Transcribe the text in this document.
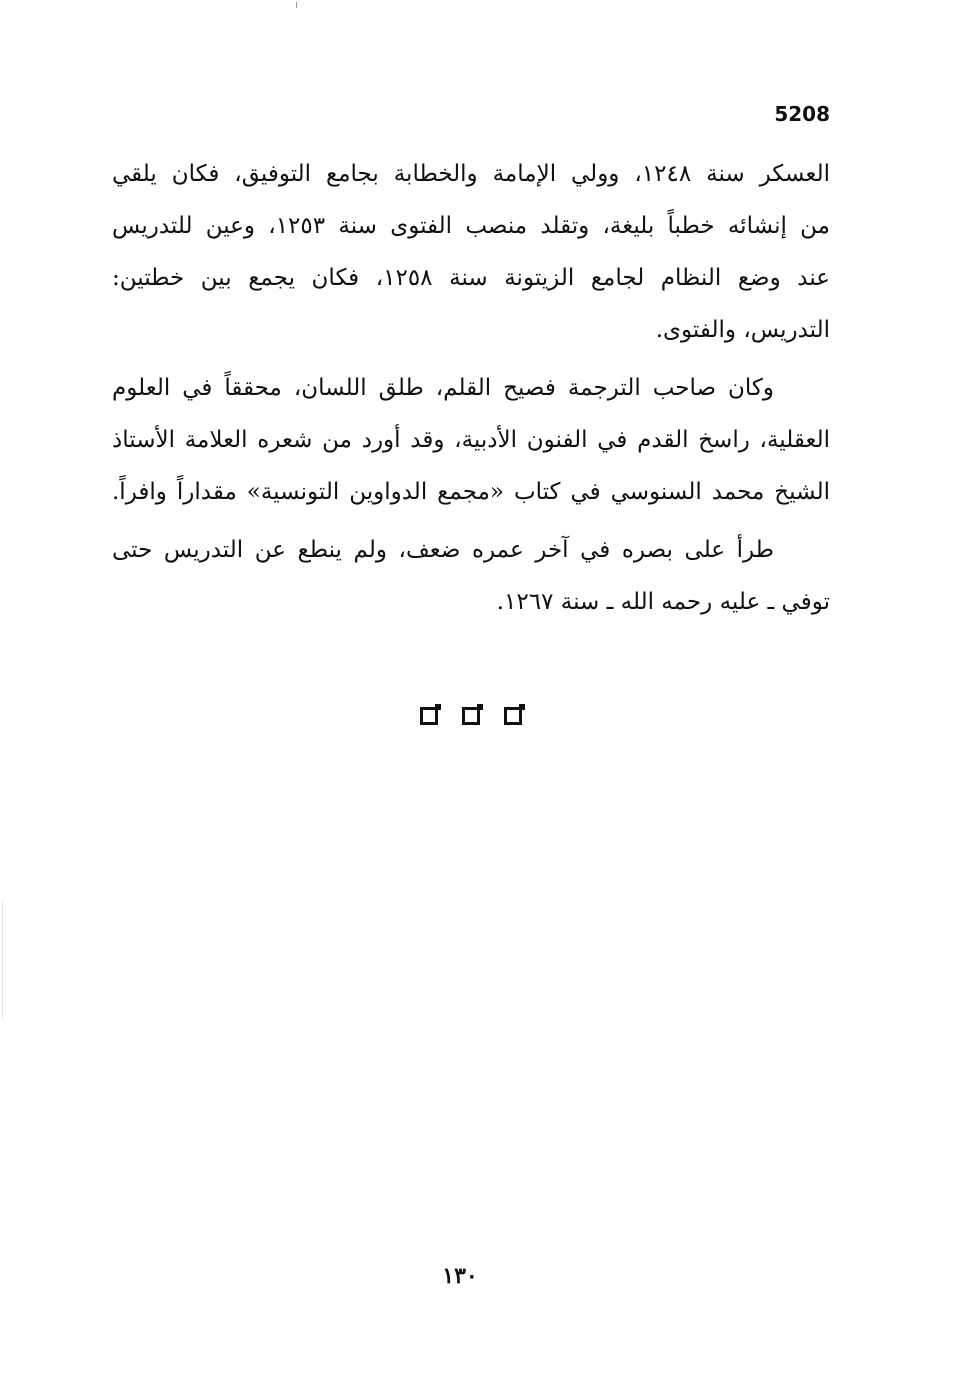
5208
العسكر سنة ١٢٤٨، وولي الإمامة والخطابة بجامع التوفيق، فكان يلقي
من إنشائه خطباً بليغة، وتقلد منصب الفتوى سنة ١٢٥٣، وعين للتدريس
عند وضع النظام لجامع الزيتونة سنة ١٢٥٨، فكان يجمع بين خطتين:
التدريس، والفتوى.
وكان صاحب الترجمة فصيح القلم، طلق اللسان، محققاً في العلوم
العقلية، راسخ القدم في الفنون الأدبية، وقد أورد من شعره العلامة الأستاذ
الشيخ محمد السنوسي في كتاب «مجمع الدواوين التونسية» مقداراً وافراً.
طرأ على بصره في آخر عمره ضعف، ولم ينطع عن التدريس حتى
توفي ـ عليه رحمه الله ـ سنة ١٢٦٧.
١٣٠
